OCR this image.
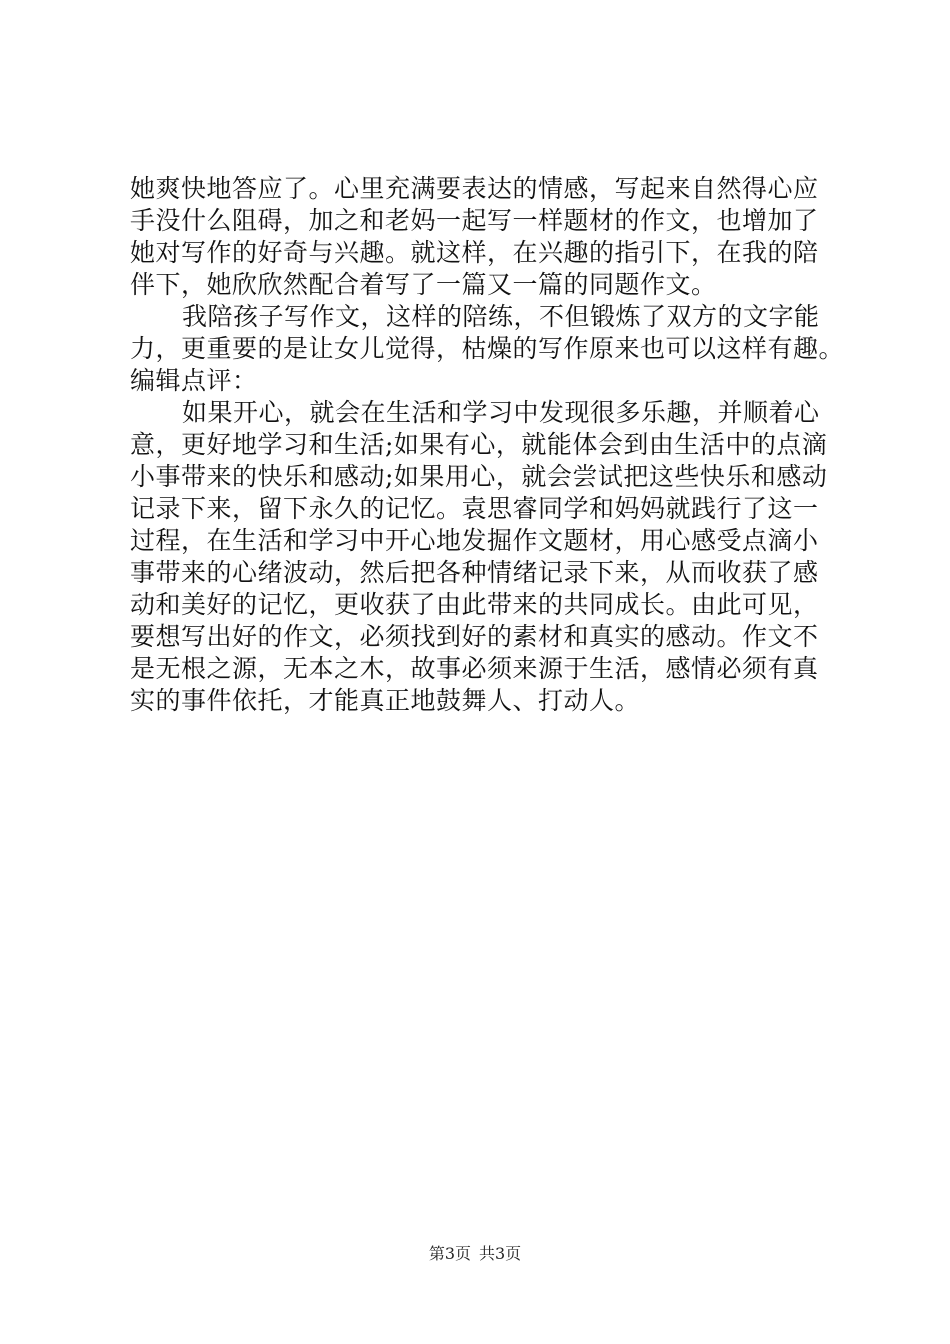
她爽快地答应了。心里充满要表达的情感，写起来自然得心应
手没什么阻碍，加之和老妈一起写一样题材的作文，也增加了
她对写作的好奇与兴趣。就这样，在兴趣的指引下，在我的陪
伴下，她欣欣然配合着写了一篇又一篇的同题作文。
我陪孩子写作文，这样的陪练，不但锻炼了双方的文字能
力，更重要的是让女儿觉得，枯燥的写作原来也可以这样有趣。
编辑点评：
如果开心，就会在生活和学习中发现很多乐趣，并顺着心
意，更好地学习和生活;如果有心，就能体会到由生活中的点滴
小事带来的快乐和感动;如果用心，就会尝试把这些快乐和感动
记录下来，留下永久的记忆。袁思睿同学和妈妈就践行了这一
过程，在生活和学习中开心地发掘作文题材，用心感受点滴小
事带来的心绪波动，然后把各种情绪记录下来，从而收获了感
动和美好的记忆，更收获了由此带来的共同成长。由此可见，
要想写出好的作文，必须找到好的素材和真实的感动。作文不
是无根之源，无本之木，故事必须来源于生活，感情必须有真
实的事件依托，才能真正地鼓舞人、打动人。
第3页 共3页
